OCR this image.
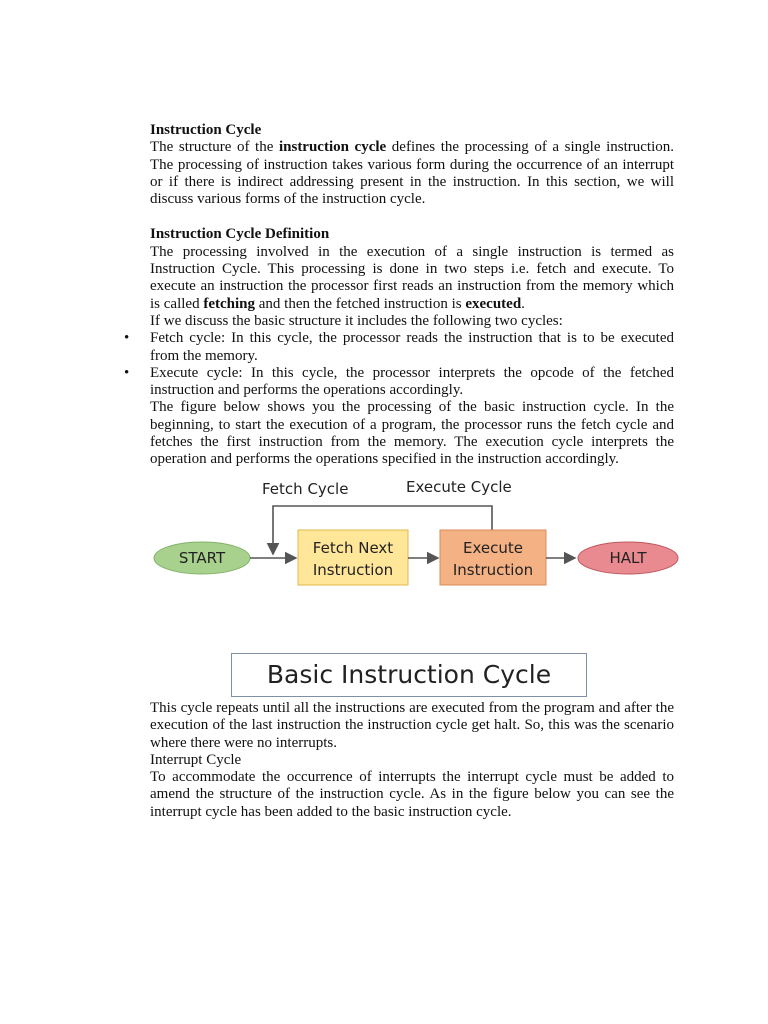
Instruction Cycle

The structure of the instruction cycle defines the processing of a single instruction. The processing of instruction takes various form during the occurrence of an interrupt or if there is indirect addressing present in the instruction. In this section, we will discuss various forms of the instruction cycle.

Instruction Cycle Definition

The processing involved in the execution of a single instruction is termed as Instruction Cycle. This processing is done in two steps i.e. fetch and execute. To execute an instruction the processor first reads an instruction from the memory which is called fetching and then the fetched instruction is executed.

If we discuss the basic structure it includes the following two cycles:

• Fetch cycle: In this cycle, the processor reads the instruction that is to be executed from the memory.
• Execute cycle: In this cycle, the processor interprets the opcode of the fetched instruction and performs the operations accordingly.

The figure below shows you the processing of the basic instruction cycle. In the beginning, to start the execution of a program, the processor runs the fetch cycle and fetches the first instruction from the memory. The execution cycle interprets the operation and performs the operations specified in the instruction accordingly.

Fetch Cycle	Execute Cycle
START
Fetch Next
Instruction
Execute
Instruction
HALT
Basic Instruction Cycle

This cycle repeats until all the instructions are executed from the program and after the execution of the last instruction the instruction cycle get halt. So, this was the scenario where there were no interrupts.

Interrupt Cycle

To accommodate the occurrence of interrupts the interrupt cycle must be added to amend the structure of the instruction cycle. As in the figure below you can see the interrupt cycle has been added to the basic instruction cycle.
